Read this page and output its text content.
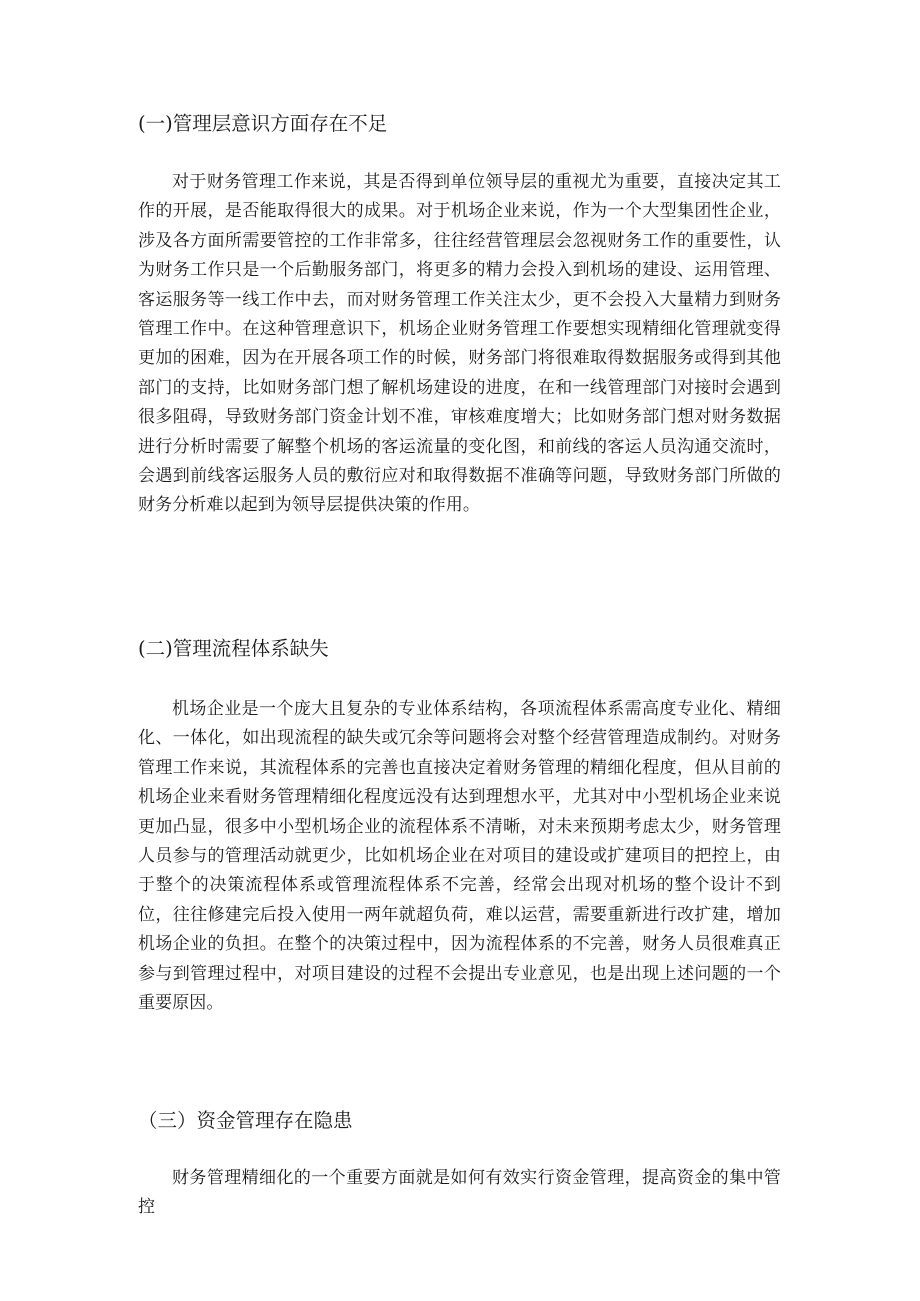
(一)管理层意识方面存在不足

对于财务管理工作来说，其是否得到单位领导层的重视尤为重要，直接决定其工作的开展，是否能取得很大的成果。对于机场企业来说，作为一个大型集团性企业，涉及各方面所需要管控的工作非常多，往往经营管理层会忽视财务工作的重要性，认为财务工作只是一个后勤服务部门，将更多的精力会投入到机场的建设、运用管理、客运服务等一线工作中去，而对财务管理工作关注太少，更不会投入大量精力到财务管理工作中。在这种管理意识下，机场企业财务管理工作要想实现精细化管理就变得更加的困难，因为在开展各项工作的时候，财务部门将很难取得数据服务或得到其他部门的支持，比如财务部门想了解机场建设的进度，在和一线管理部门对接时会遇到很多阻碍，导致财务部门资金计划不准，审核难度增大；比如财务部门想对财务数据进行分析时需要了解整个机场的客运流量的变化图，和前线的客运人员沟通交流时，会遇到前线客运服务人员的敷衍应对和取得数据不准确等问题，导致财务部门所做的财务分析难以起到为领导层提供决策的作用。

(二)管理流程体系缺失

机场企业是一个庞大且复杂的专业体系结构，各项流程体系需高度专业化、精细化、一体化，如出现流程的缺失或冗余等问题将会对整个经营管理造成制约。对财务管理工作来说，其流程体系的完善也直接决定着财务管理的精细化程度，但从目前的机场企业来看财务管理精细化程度远没有达到理想水平，尤其对中小型机场企业来说更加凸显，很多中小型机场企业的流程体系不清晰，对未来预期考虑太少，财务管理人员参与的管理活动就更少，比如机场企业在对项目的建设或扩建项目的把控上，由于整个的决策流程体系或管理流程体系不完善，经常会出现对机场的整个设计不到位，往往修建完后投入使用一两年就超负荷，难以运营，需要重新进行改扩建，增加机场企业的负担。在整个的决策过程中，因为流程体系的不完善，财务人员很难真正参与到管理过程中，对项目建设的过程不会提出专业意见，也是出现上述问题的一个重要原因。

（三）资金管理存在隐患

财务管理精细化的一个重要方面就是如何有效实行资金管理，提高资金的集中管控
